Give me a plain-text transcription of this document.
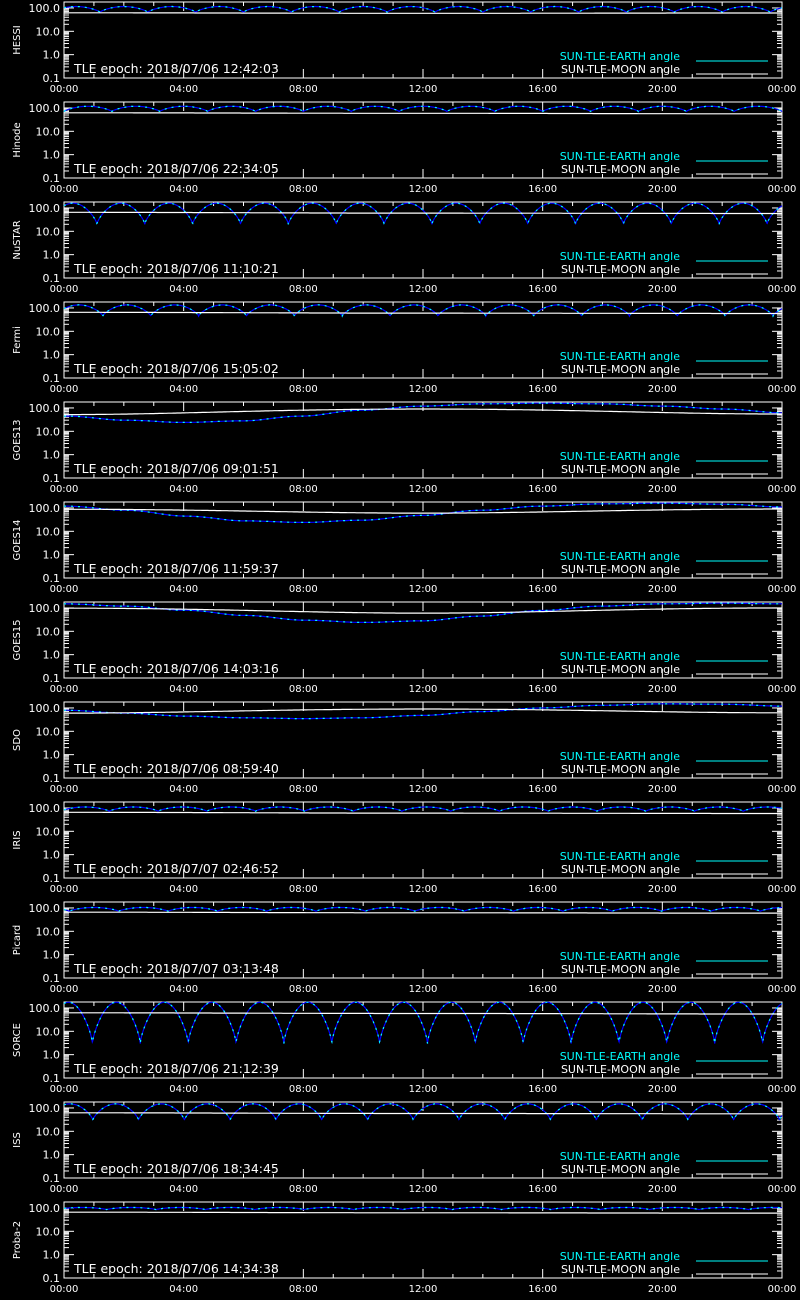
0.1
1.0
10.0
100.0
HESSI
00:00	04:00	08:00	12:00	16:00	20:00	00:00
SUN-TLE-EARTH angle
SUN-TLE-MOON angle
TLE epoch: 2018/07/06 12:42:03
0.1
1.0
10.0
100.0
Hinode
00:00	04:00	08:00	12:00	16:00	20:00	00:00
SUN-TLE-EARTH angle
SUN-TLE-MOON angle
TLE epoch: 2018/07/06 22:34:05
0.1
1.0
10.0
100.0
NuSTAR
00:00	04:00	08:00	12:00	16:00	20:00	00:00
SUN-TLE-EARTH angle
SUN-TLE-MOON angle
TLE epoch: 2018/07/06 11:10:21
0.1
1.0
10.0
100.0
Fermi
00:00	04:00	08:00	12:00	16:00	20:00	00:00
SUN-TLE-EARTH angle
SUN-TLE-MOON angle
TLE epoch: 2018/07/06 15:05:02
0.1
1.0
10.0
100.0
GOES13
00:00	04:00	08:00	12:00	16:00	20:00	00:00
SUN-TLE-EARTH angle
SUN-TLE-MOON angle
TLE epoch: 2018/07/06 09:01:51
0.1
1.0
10.0
100.0
GOES14
00:00	04:00	08:00	12:00	16:00	20:00	00:00
SUN-TLE-EARTH angle
SUN-TLE-MOON angle
TLE epoch: 2018/07/06 11:59:37
0.1
1.0
10.0
100.0
GOES15
00:00	04:00	08:00	12:00	16:00	20:00	00:00
SUN-TLE-EARTH angle
SUN-TLE-MOON angle
TLE epoch: 2018/07/06 14:03:16
0.1
1.0
10.0
100.0
SDO
00:00	04:00	08:00	12:00	16:00	20:00	00:00
SUN-TLE-EARTH angle
SUN-TLE-MOON angle
TLE epoch: 2018/07/06 08:59:40
0.1
1.0
10.0
100.0
IRIS
00:00	04:00	08:00	12:00	16:00	20:00	00:00
SUN-TLE-EARTH angle
SUN-TLE-MOON angle
TLE epoch: 2018/07/07 02:46:52
0.1
1.0
10.0
100.0
Picard
00:00	04:00	08:00	12:00	16:00	20:00	00:00
SUN-TLE-EARTH angle
SUN-TLE-MOON angle
TLE epoch: 2018/07/07 03:13:48
0.1
1.0
10.0
100.0
SORCE
00:00	04:00	08:00	12:00	16:00	20:00	00:00
SUN-TLE-EARTH angle
SUN-TLE-MOON angle
TLE epoch: 2018/07/06 21:12:39
0.1
1.0
10.0
100.0
ISS
00:00	04:00	08:00	12:00	16:00	20:00	00:00
SUN-TLE-EARTH angle
SUN-TLE-MOON angle
TLE epoch: 2018/07/06 18:34:45
0.1
1.0
10.0
100.0
Proba-2
00:00	04:00	08:00	12:00	16:00	20:00	00:00
SUN-TLE-EARTH angle
SUN-TLE-MOON angle
TLE epoch: 2018/07/06 14:34:38
